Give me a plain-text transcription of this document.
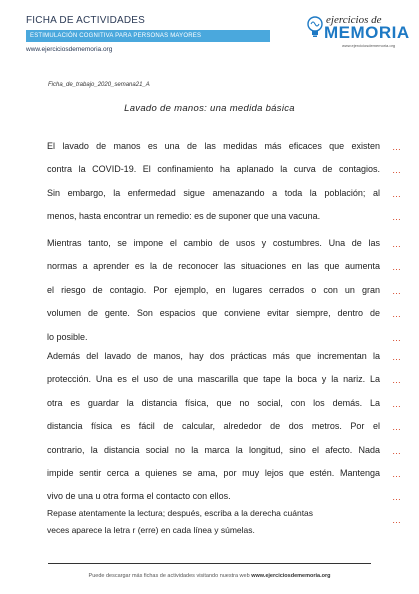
FICHA DE ACTIVIDADES
ESTIMULACIÓN COGNITIVA PARA PERSONAS MAYORES
www.ejerciciosdememoria.org
ejercicios de
MEMORIA
www.ejerciciosdememoria.org
Ficha_de_trabajo_2020_semana21_A
Lavado de manos: una medida básica
…
…
…
…
El lavado de manos es una de las medidas más eficaces que existen
contra la COVID-19. El confinamiento ha aplanado la curva de contagios.
Sin embargo, la enfermedad sigue amenazando a toda la población; al
menos, hasta encontrar un remedio: es de suponer que una vacuna.
…
…
…
…
…
Mientras tanto, se impone el cambio de usos y costumbres. Una de las
normas a aprender es la de reconocer las situaciones en las que aumenta
el riesgo de contagio. Por ejemplo, en lugares cerrados o con un gran
volumen de gente. Son espacios que conviene evitar siempre, dentro de
lo posible.
…
…
…
…
…
…
…
Además del lavado de manos, hay dos prácticas más que incrementan la
protección. Una es el uso de una mascarilla que tape la boca y la nariz. La
otra es guardar la distancia física, que no social, con los demás. La
distancia física es fácil de calcular, alrededor de dos metros. Por el
contrario, la distancia social no la marca la longitud, sino el afecto. Nada
impide sentir cerca a quienes se ama, por muy lejos que estén. Mantenga
vivo de una u otra forma el contacto con ellos.
Repase atentamente la lectura; después, escriba a la derecha cuántas
veces aparece la letra r (erre) en cada línea y súmelas.
…
Puede descargar más fichas de actividades visitando nuestra web www.ejerciciosdememoria.org
